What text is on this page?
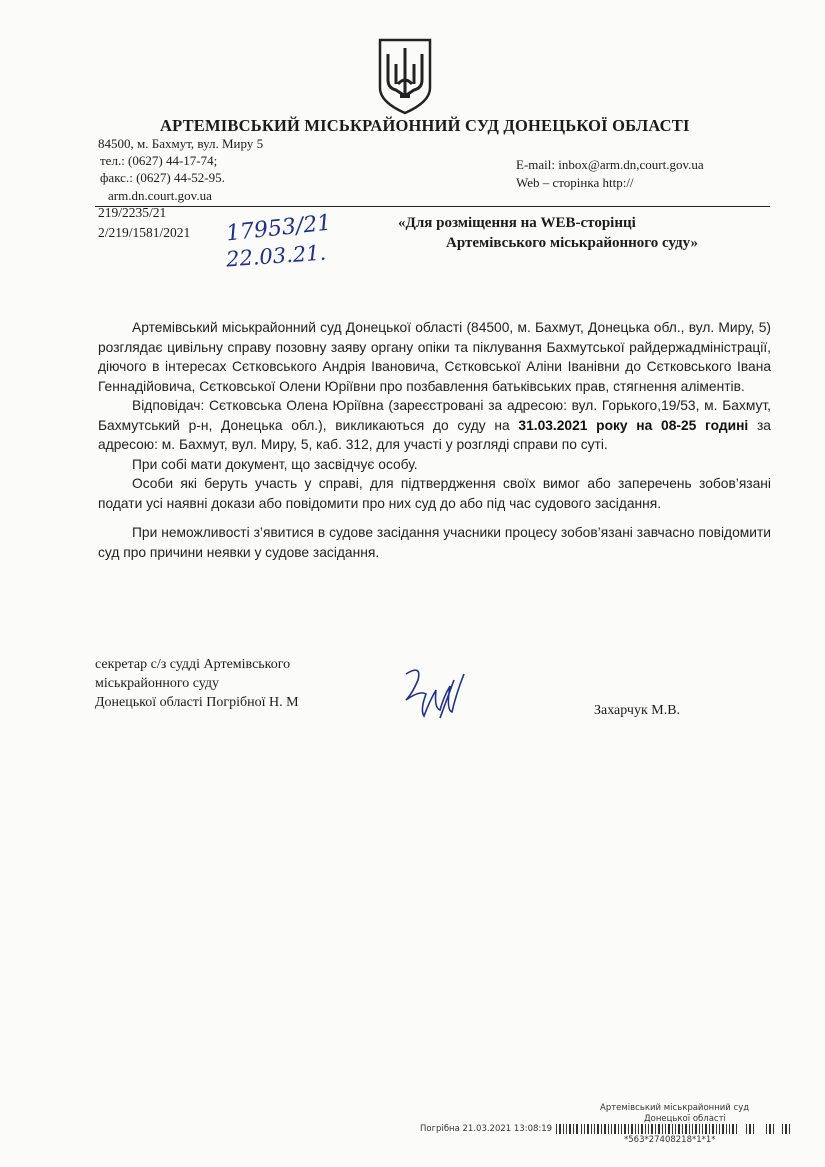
АРТЕМІВСЬКИЙ МІСЬКРАЙОННИЙ СУД ДОНЕЦЬКОЇ ОБЛАСТІ
84500, м. Бахмут, вул. Миру 5
тел.: (0627) 44-17-74;
факс.: (0627) 44-52-95.
arm.dn.court.gov.ua
E-mail: inbox@arm.dn,court.gov.ua
Web – сторінка http://
219/2235/21
2/219/1581/2021 17953/21
22.03.21.
«Для розміщення на WEB-сторінці
Артемівського міськрайонного суду»

Артемівський міськрайонний суд Донецької області (84500, м. Бахмут, Донецька обл., вул. Миру, 5) розглядає цивільну справу позовну заяву органу опіки та піклування Бахмутської райдержадміністрації, діючого в інтересах Сєтковського Андрія Івановича, Сєтковської Аліни Іванівни до Сєтковського Івана Геннадійовича, Сєтковської Олени Юріївни про позбавлення батьківських прав, стягнення аліментів.

Відповідач: Сєтковська Олена Юріївна (зареєстровані за адресою: вул. Горького,19/53, м. Бахмут, Бахмутський р-н, Донецька обл.), викликаються до суду на 31.03.2021 року на 08-25 годині за адресою: м. Бахмут, вул. Миру, 5, каб. 312, для участі у розгляді справи по суті.

При собі мати документ, що засвідчує особу.

Особи які беруть участь у справі, для підтвердження своїх вимог або заперечень зобов’язані подати усі наявні докази або повідомити про них суд до або під час судового засідання.

При неможливості з’явитися в судове засідання учасники процесу зобов’язані завчасно повідомити суд про причини неявки у судове засідання.

секретар с/з судді Артемівського
міськрайонного суду
Донецької області Погрібної Н. М
Захарчук М.В.
Артемівський міськрайонний суд
Донецької області
Погрібна 21.03.2021 13:08:19
*563*27408218*1*1*
